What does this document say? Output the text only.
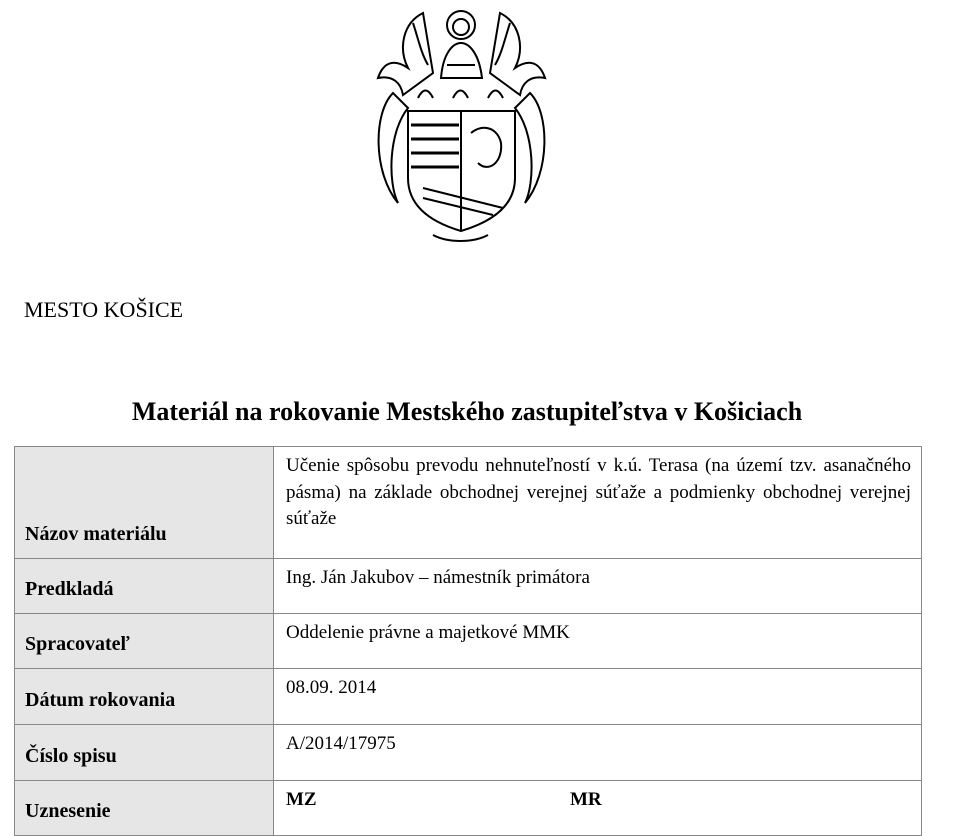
MESTO KOŠICE
Materiál na rokovanie Mestského zastupiteľstva v Košiciach
Názov materiálu	Učenie spôsobu prevodu nehnuteľností v k.ú. Terasa (na území tzv. asanačného pásma) na základe obchodnej verejnej súťaže a podmienky obchodnej verejnej súťaže
Predkladá	Ing. Ján Jakubov – námestník primátora
Spracovateľ	Oddelenie právne a majetkové MMK
Dátum rokovania	08.09. 2014
Číslo spisu	A/2014/17975
Uznesenie	MZ MR
